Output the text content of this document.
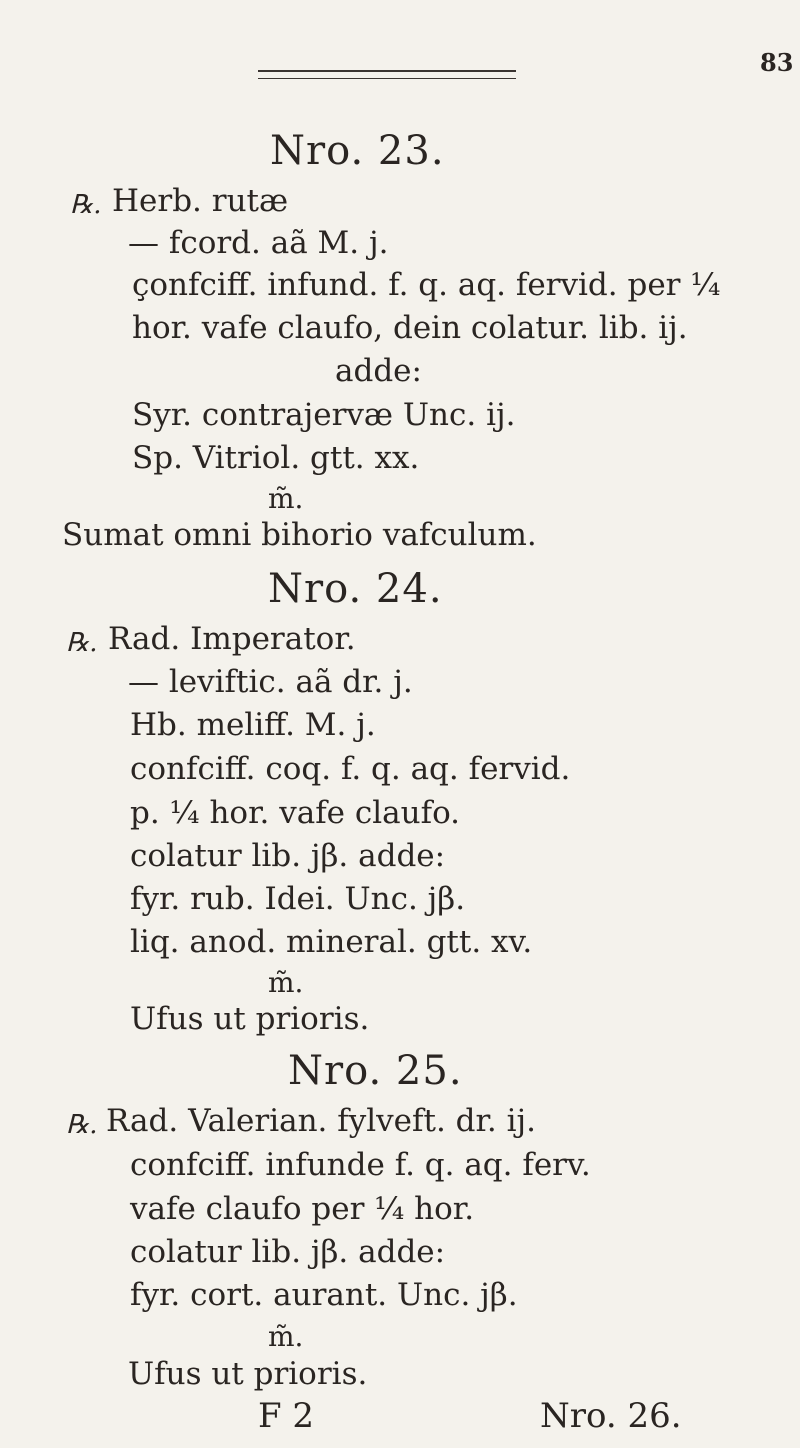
83
Nro. 23.
℞. Herb. rutæ
— fcord. aã M. j.
çonfciff. infund. f. q. aq. fervid. per ¼
hor. vafe claufo, dein colatur. lib. ij.
adde:
Syr. contrajervæ Unc. ij.
Sp. Vitriol. gtt. xx.
m̃.
Sumat omni bihorio vafculum.
Nro. 24.
℞. Rad. Imperator.
— leviftic. aã dr. j.
Hb. meliff. M. j.
confciff. coq. f. q. aq. fervid.
p. ¼ hor. vafe claufo.
colatur lib. jβ. adde:
fyr. rub. Idei. Unc. jβ.
liq. anod. mineral. gtt. xv.
m̃.
Ufus ut prioris.
Nro. 25.
℞. Rad. Valerian. fylveft. dr. ij.
confciff. infunde f. q. aq. ferv.
vafe claufo per ¼ hor.
colatur lib. jβ. adde:
fyr. cort. aurant. Unc. jβ.
m̃.
Ufus ut prioris.
F 2	Nro. 26.
